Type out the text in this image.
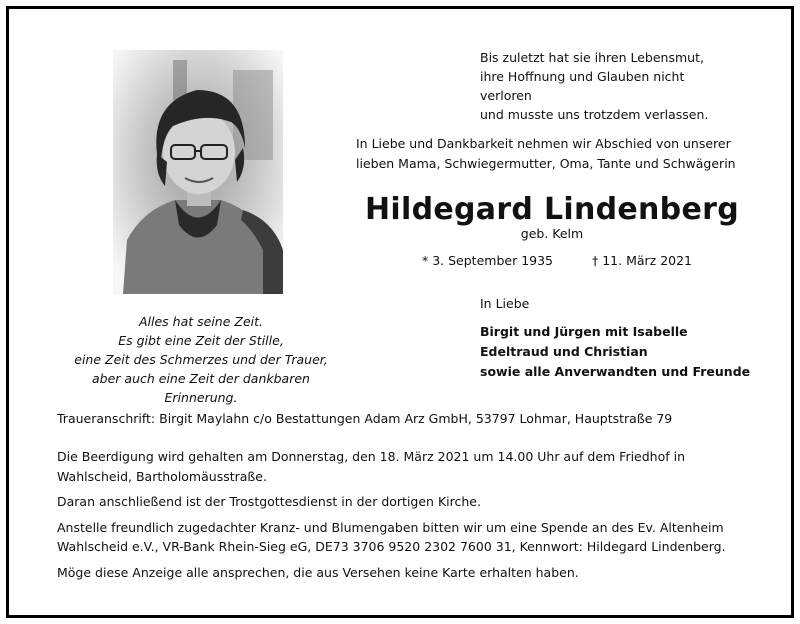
Bis zuletzt hat sie ihren Lebensmut,
ihre Hoffnung und Glauben nicht verloren
und musste uns trotzdem verlassen.
In Liebe und Dankbarkeit nehmen wir Abschied von unserer
lieben Mama, Schwiegermutter, Oma, Tante und Schwägerin
Hildegard Lindenberg
geb. Kelm
* 3. September 1935	† 11. März 2021
Alles hat seine Zeit.
Es gibt eine Zeit der Stille,
eine Zeit des Schmerzes und der Trauer,
aber auch eine Zeit der dankbaren Erinnerung.
In Liebe
Birgit und Jürgen mit Isabelle
Edeltraud und Christian
sowie alle Anverwandten und Freunde
Traueranschrift: Birgit Maylahn c/o Bestattungen Adam Arz GmbH, 53797 Lohmar, Hauptstraße 79

Die Beerdigung wird gehalten am Donnerstag, den 18. März 2021 um 14.00 Uhr auf dem Friedhof in Wahlscheid, Bartholomäusstraße.

Daran anschließend ist der Trostgottesdienst in der dortigen Kirche.

Anstelle freundlich zugedachter Kranz- und Blumengaben bitten wir um eine Spende an des Ev. Altenheim Wahlscheid e.V., VR-Bank Rhein-Sieg eG, DE73 3706 9520 2302 7600 31, Kennwort: Hildegard Lindenberg.

Möge diese Anzeige alle ansprechen, die aus Versehen keine Karte erhalten haben.
